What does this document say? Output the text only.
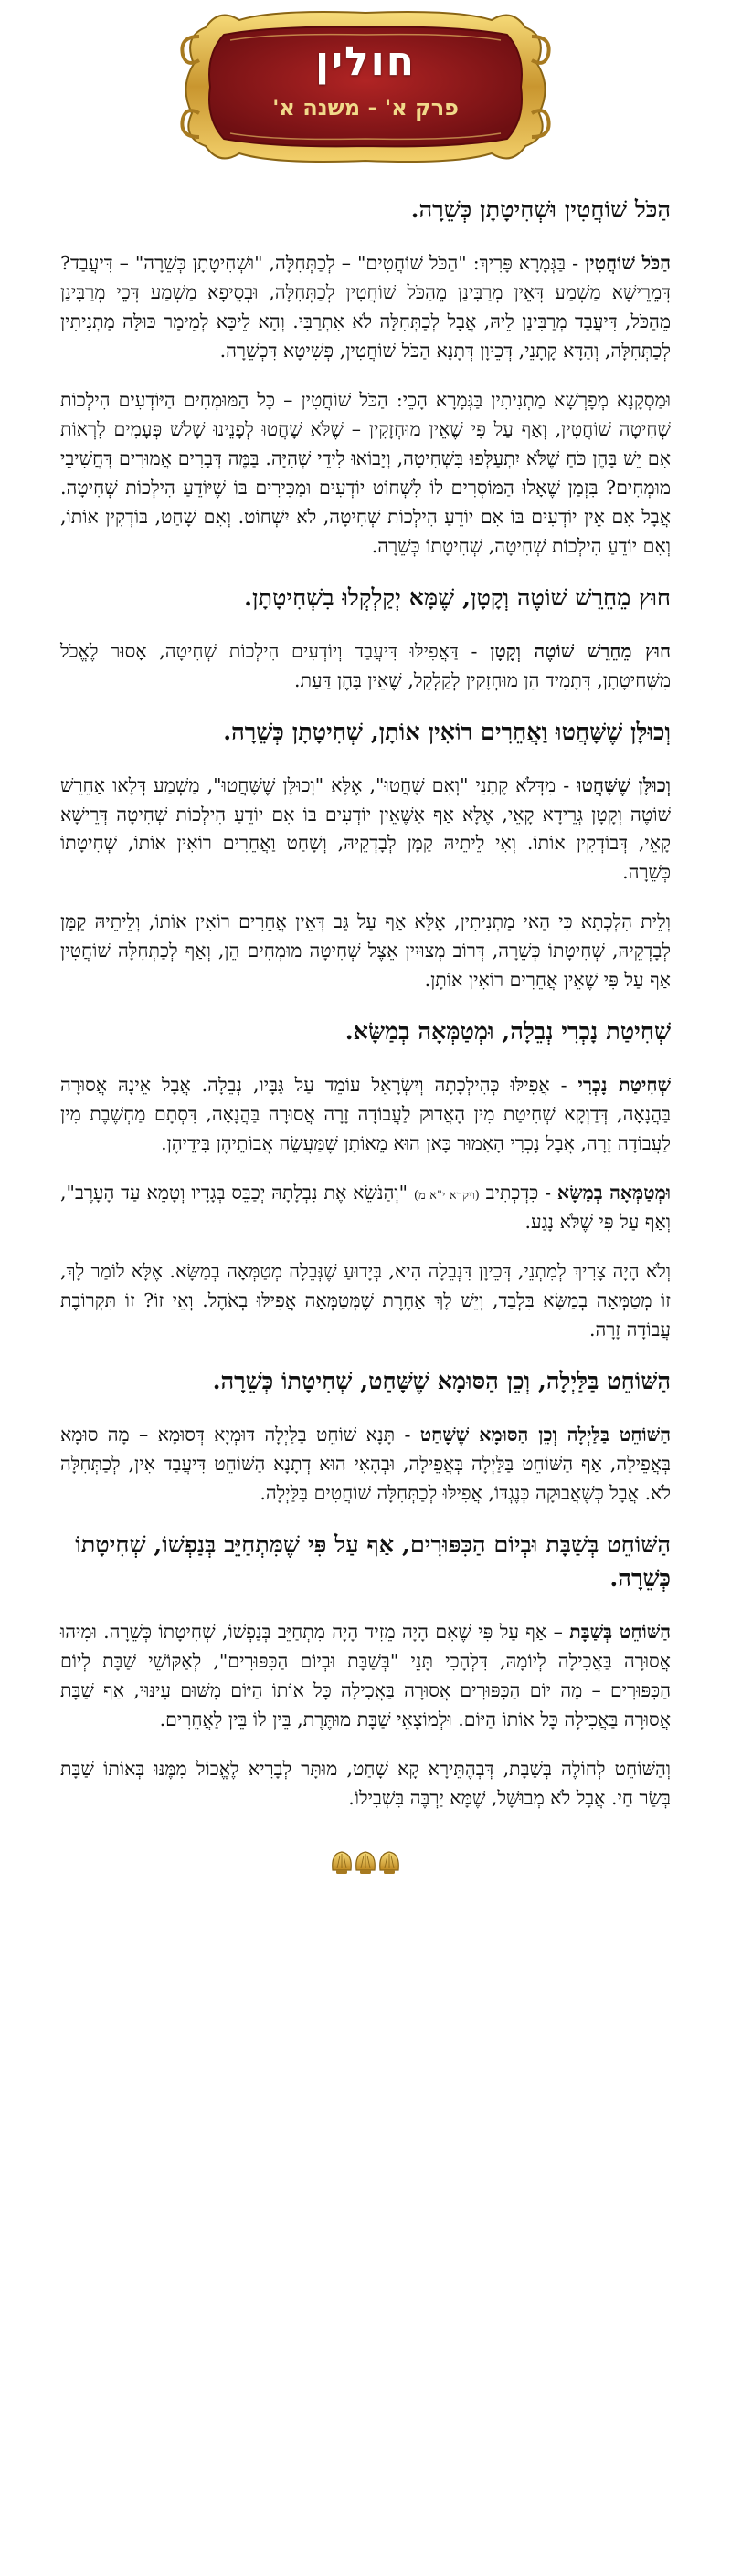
חולין
פרק א' - משנה א'
הַכֹּל שׁוֹחֲטִין וּשְׁחִיטָתָן כְּשֵׁרָה.

הַכֹּל שׁוֹחֲטִין - בַּגְּמָרָא פָּרִיךְ: "הַכֹּל שׁוֹחֲטִים" – לְכַתְּחִלָּה, "וּשְׁחִיטָתָן כְּשֵׁרָה" – דִּיעֲבַד? דְּמֵרֵישָׁא מַשְׁמַע דְּאֵין מְרַבִּינַן מֵהַכֹּל שׁוֹחֲטִין לְכַתְּחִלָּה, וּבְסֵיפָא מַשְׁמַע דְּכֵי מְרַבִּינַן מֵהַכֹּל, דִּיעֲבַד מְרַבִּינַן לֵיהּ, אֲבָל לְכַתְּחִלָּה לֹא אִתְרַבִּי. וְהָא לֵיכָּא לְמֵימַר כּוּלָּה מַתְנִיתִין לְכַתְּחִלָּה, וְהַדָּא קָתָנֵי, דְּכֵיוָן דְּתָנָא הַכֹּל שׁוֹחֲטִין, פְּשִׁיטָא דִּכְשֵׁרָה.

וּמַסְקָנָא מְפָרְשָׁא מַתְנִיתִין בַּגְּמָרָא הָכֵי: הַכֹּל שׁוֹחֲטִין – כָּל הַמּוּמְחִים הַיּוֹדְעִים הִילְכוֹת שְׁחִיטָה שׁוֹחֲטִין, וְאַף עַל פִּי שֶׁאֵין מוּחְזָקִין – שֶׁלֹּא שָׁחֲטוּ לְפָנֵינוּ שָׁלֹשׁ פְּעָמִים לִרְאוֹת אִם יֵשׁ בָּהֶן כֹּחַ שֶׁלֹּא יִתְעַלְּפוּ בִּשְׁחִיטָה, וְיָבוֹאוּ לִידֵי שְׁהִיָּה. בַּמֶּה דְּבָרִים אֲמוּרִים דְּחֲשִׁיבֵי מוּמְחִים? בִּזְמַן שֶׁאָלוּ הַמּוֹסְרִים לוֹ לִשְׁחוֹט יוֹדְעִים וּמַכִּירִים בּוֹ שֶׁיּוֹדֵעַ הִילְכוֹת שְׁחִיטָה. אֲבָל אִם אֵין יוֹדְעִים בּוֹ אִם יוֹדֵעַ הִילְכוֹת שְׁחִיטָה, לֹא יִשְׁחוֹט. וְאִם שָׁחַט, בּוֹדְקִין אוֹתוֹ, וְאִם יוֹדֵעַ הִילְכוֹת שְׁחִיטָה, שְׁחִיטָתוֹ כְּשֵׁרָה.

חוּץ מֵחֵרֵשׁ שׁוֹטֶה וְקָטָן, שֶׁמָּא יְקַלְקְלוּ בִשְׁחִיטָתָן.

חוּץ מֵחֵרֵשׁ שׁוֹטֶה וְקָטָן - דַּאֲפִילּוּ דִּיעֲבַד וְיוֹדְעִים הִילְכוֹת שְׁחִיטָה, אָסוּר לֶאֱכֹל מִשְּׁחִיטָתָן, דְּתָמִיד הֵן מוּחְזָקִין לְקַלְקֵל, שֶׁאֵין בָּהֶן דַּעַת.

וְכוּלָּן שֶׁשָּׁחֲטוּ וַאֲחֵרִים רוֹאִין אוֹתָן, שְׁחִיטָתָן כְּשֵׁרָה.

וְכוּלָּן שֶׁשָּׁחֲטוּ - מִדְּלֹא קָתָנֵי "וְאִם שָׁחֲטוּ", אֶלָּא "וְכוּלָּן שֶׁשָּׁחֲטוּ", מַשְׁמַע דְּלָאו אַחֵרֵשׁ שׁוֹטֶה וְקָטָן גְּרֵידָא קָאֵי, אֶלָּא אַף אַשֶּׁאֵין יוֹדְעִים בּוֹ אִם יוֹדֵעַ הִילְכוֹת שְׁחִיטָה דְּרֵישָׁא קָאֵי, דְּבוֹדְקִין אוֹתוֹ. וְאִי לֵיתֵיהּ קַמָּן לְבָדְקֵיהּ, וְשָׁחַט וַאֲחֵרִים רוֹאִין אוֹתוֹ, שְׁחִיטָתוֹ כְּשֵׁרָה.

וְלֵית הִלְכְתָא כִּי הַאי מַתְנִיתִין, אֶלָּא אַף עַל גַּב דְּאֵין אֲחֵרִים רוֹאִין אוֹתוֹ, וְלֵיתֵיהּ קַמָּן לְבָדְקֵיהּ, שְׁחִיטָתוֹ כְּשֵׁרָה, דְּרוֹב מְצוּיִין אֵצֶל שְׁחִיטָה מוּמְחִים הֵן, וְאַף לְכַתְּחִלָּה שׁוֹחֲטִין אַף עַל פִּי שֶׁאֵין אֲחֵרִים רוֹאִין אוֹתָן.

שְׁחִיטַת נָכְרִי נְבֵלָה, וּמְטַמְּאָה בְמַשָּׂא.

שְׁחִיטַת נָכְרִי - אֲפִילּוּ כְּהִילְכָתָהּ וְיִשְׂרָאֵל עוֹמֵד עַל גַּבָּיו, נְבֵלָה. אֲבָל אֵינָהּ אֲסוּרָה בַּהֲנָאָה, דְּדַוְקָא שְׁחִיטַת מִין הָאֲדוּק לַעֲבוֹדָה זָרָה אֲסוּרָה בַּהֲנָאָה, דִּסְתָם מַחְשֶׁבֶת מִין לַעֲבוֹדָה זָרָה, אֲבָל נָכְרִי הָאָמוּר כָּאן הוּא מֵאוֹתָן שֶׁמַּעֲשֵׂה אֲבוֹתֵיהֶן בִּידֵיהֶן.

וּמְטַמְּאָה בְמַשָּׂא - כִּדְכְתִיב (ויקרא י"א מ) "וְהַנֹּשֵׂא אֶת נִבְלָתָהּ יְכַבֵּס בְּגָדָיו וְטָמֵא עַד הָעָרֶב", וְאַף עַל פִּי שֶׁלֹּא נָגַע.

וְלֹא הָיָה צָרִיךְ לְמִתְנֵי, דְּכֵיוָן דִּנְבֵלָה הִיא, בְּיָדוּעַ שֶׁנְּבֵלָה מְטַמְּאָה בְמַשָּׂא. אֶלָּא לוֹמַר לָךְ, זוֹ מְטַמְּאָה בְמַשָּׂא בִּלְבַד, וְיֵשׁ לָךְ אַחֶרֶת שֶׁמְּטַמְּאָה אֲפִילּוּ בְאֹהֶל. וְאֵי זוֹ? זוֹ תִּקְרוֹבֶת עֲבוֹדָה זָרָה.

הַשּׁוֹחֵט בַּלַּיְלָה, וְכֵן הַסּוּמָא שֶׁשָּׁחַט, שְׁחִיטָתוֹ כְּשֵׁרָה.

הַשּׁוֹחֵט בַּלַּיְלָה וְכֵן הַסּוּמָא שֶׁשָּׁחַט - תָּנָא שׁוֹחֵט בַּלַּיְלָה דּוּמְיָא דְּסוּמָא – מָה סוּמָא בְּאֲפֵילָה, אַף הַשּׁוֹחֵט בַּלַּיְלָה בְּאֲפֵילָה, וּבְהָאִי הוּא דְתָנָא הַשּׁוֹחֵט דִּיעֲבַד אִין, לְכַתְּחִלָּה לֹא. אֲבָל כְּשֶׁאֲבוּקָה כְּנֶגְדּוֹ, אֲפִילּוּ לְכַתְּחִלָּה שׁוֹחֲטִים בַּלַּיְלָה.

הַשּׁוֹחֵט בְּשַׁבָּת וּבְיוֹם הַכִּפּוּרִים, אַף עַל פִּי שֶׁמִּתְחַיֵּב בְּנַפְשׁוֹ, שְׁחִיטָתוֹ כְּשֵׁרָה.

הַשּׁוֹחֵט בְּשַׁבָּת – אַף עַל פִּי שֶׁאִם הָיָה מֵזִיד הָיָה מִתְחַיֵּב בְּנַפְשׁוֹ, שְׁחִיטָתוֹ כְּשֵׁרָה. וּמִיהוּ אֲסוּרָה בַּאֲכִילָה לְיוֹמָהּ, דִּלְהָכִי תָּנֵי "בְּשַׁבָּת וּבְיוֹם הַכִּפּוּרִים", לְאַקּוֹשֵׁי שַׁבָּת לְיוֹם הַכִּפּוּרִים – מָה יוֹם הַכִּפּוּרִים אֲסוּרָה בַּאֲכִילָה כָּל אוֹתוֹ הַיּוֹם מִשּׁוּם עִינּוּי, אַף שַׁבָּת אֲסוּרָה בַּאֲכִילָה כָּל אוֹתוֹ הַיּוֹם. וּלְמוֹצָאֵי שַׁבָּת מוּתֶּרֶת, בֵּין לוֹ בֵּין לַאֲחֵרִים.

וְהַשּׁוֹחֵט לְחוֹלֶה בְּשַׁבָּת, דְּבְהֶתֵּירָא קָא שָׁחַט, מוּתָּר לְבָרִיא לֶאֱכוֹל מִמֶּנּוּ בְּאוֹתוֹ שַׁבָּת בְּשַׂר חַי. אֲבָל לֹא מְבוּשָּׁל, שֶׁמָּא יַרְבֶּה בִּשְׁבִילוֹ.
